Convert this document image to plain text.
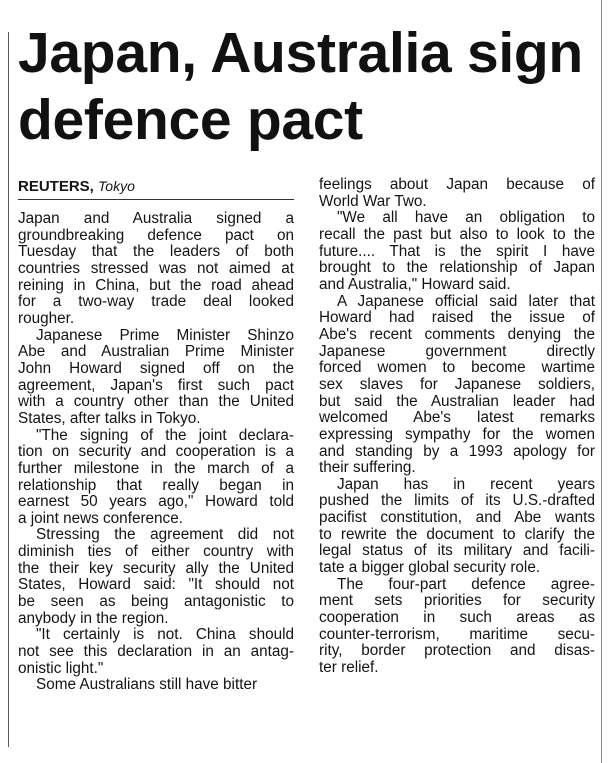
Japan, Australia sign
defence pact
REUTERS, Tokyo

Japan and Australia signed a

groundbreaking defence pact on

Tuesday that the leaders of both

countries stressed was not aimed at

reining in China, but the road ahead

for a two-way trade deal looked

rougher.

Japanese Prime Minister Shinzo

Abe and Australian Prime Minister

John Howard signed off on the

agreement, Japan's first such pact

with a country other than the United

States, after talks in Tokyo.

"The signing of the joint declara-

tion on security and cooperation is a

further milestone in the march of a

relationship that really began in

earnest 50 years ago," Howard told

a joint news conference.

Stressing the agreement did not

diminish ties of either country with

the their key security ally the United

States, Howard said: "It should not

be seen as being antagonistic to

anybody in the region.

"It certainly is not. China should

not see this declaration in an antag-

onistic light."

Some Australians still have bitter

feelings about Japan because of

World War Two.

"We all have an obligation to

recall the past but also to look to the

future.... That is the spirit I have

brought to the relationship of Japan

and Australia," Howard said.

A Japanese official said later that

Howard had raised the issue of

Abe's recent comments denying the

Japanese government directly

forced women to become wartime

sex slaves for Japanese soldiers,

but said the Australian leader had

welcomed Abe's latest remarks

expressing sympathy for the women

and standing by a 1993 apology for

their suffering.

Japan has in recent years

pushed the limits of its U.S.-drafted

pacifist constitution, and Abe wants

to rewrite the document to clarify the

legal status of its military and facili-

tate a bigger global security role.

The four-part defence agree-

ment sets priorities for security

cooperation in such areas as

counter-terrorism, maritime secu-

rity, border protection and disas-

ter relief.
